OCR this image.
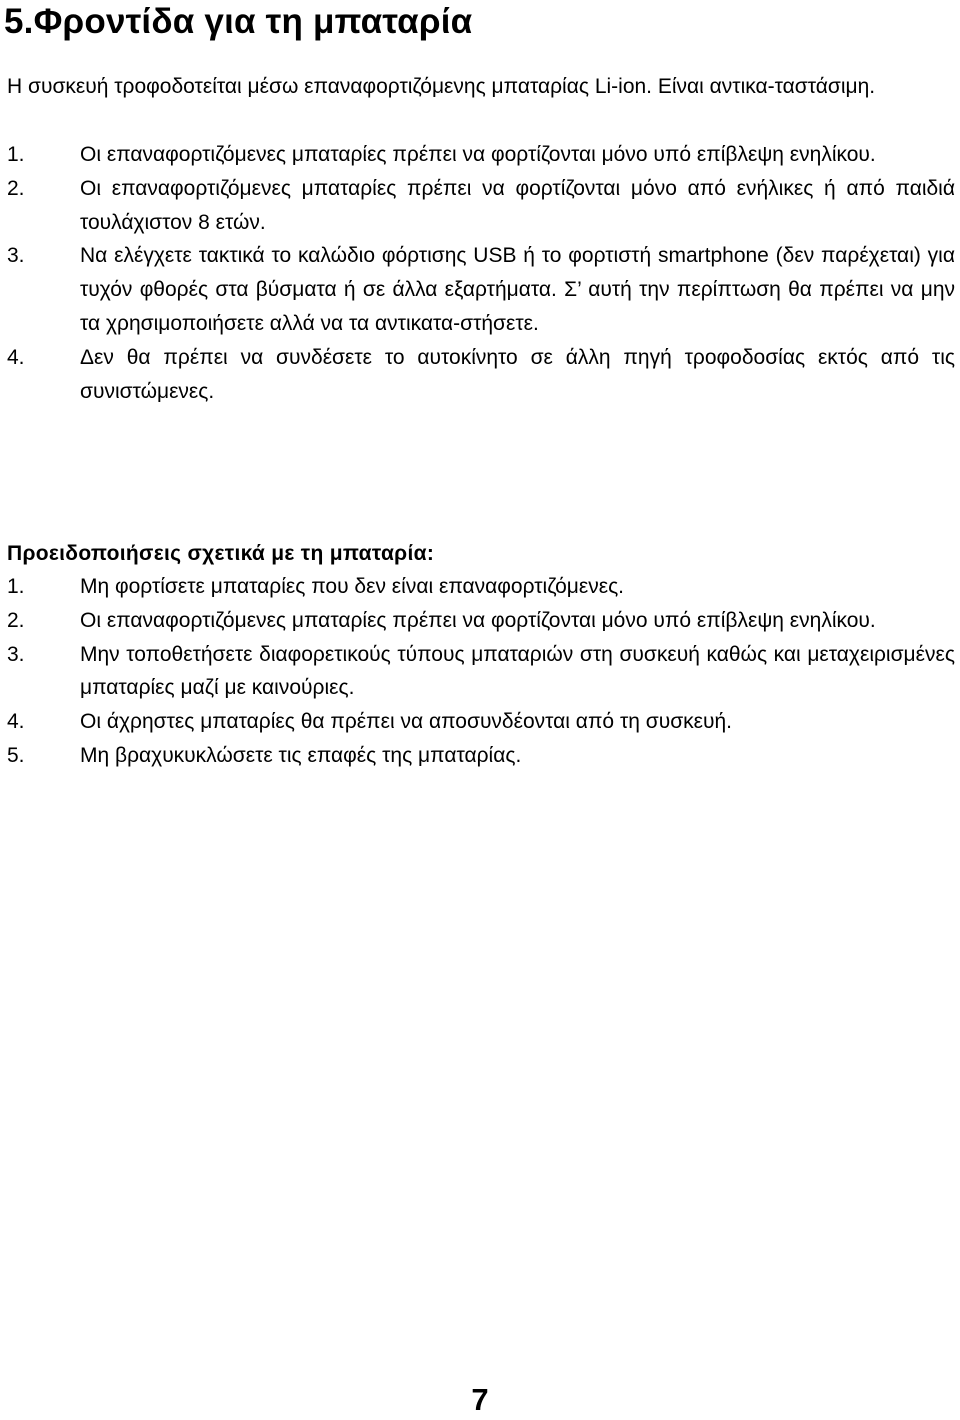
5.Φροντίδα για τη μπαταρία
Η συσκευή τροφοδοτείται μέσω επαναφορτιζόμενης μπαταρίας Li-ion. Είναι αντικα-ταστάσιμη.
1.	Οι επαναφορτιζόμενες μπαταρίες πρέπει να φορτίζονται μόνο υπό επίβλεψη ενηλίκου.
2.	Οι επαναφορτιζόμενες μπαταρίες πρέπει να φορτίζονται μόνο από ενήλικες ή από παιδιά τουλάχιστον 8 ετών.
3.	Να ελέγχετε τακτικά το καλώδιο φόρτισης USB ή το φορτιστή smartphone (δεν παρέχεται) για τυχόν φθορές στα βύσματα ή σε άλλα εξαρτήματα. Σ’ αυτή την περίπτωση θα πρέπει να μην τα χρησιμοποιήσετε αλλά να τα αντικατα-στήσετε.
4.	Δεν θα πρέπει να συνδέσετε το αυτοκίνητο σε άλλη πηγή τροφοδοσίας εκτός από τις συνιστώμενες.
Προειδοποιήσεις σχετικά με τη μπαταρία:
1.	Μη φορτίσετε μπαταρίες που δεν είναι επαναφορτιζόμενες.
2.	Οι επαναφορτιζόμενες μπαταρίες πρέπει να φορτίζονται μόνο υπό επίβλεψη ενηλίκου.
3.	Μην τοποθετήσετε διαφορετικούς τύπους μπαταριών στη συσκευή καθώς και μεταχειρισμένες μπαταρίες μαζί με καινούριες.
4.	Οι άχρηστες μπαταρίες θα πρέπει να αποσυνδέονται από τη συσκευή.
5.	Μη βραχυκυκλώσετε τις επαφές της μπαταρίας.
7
